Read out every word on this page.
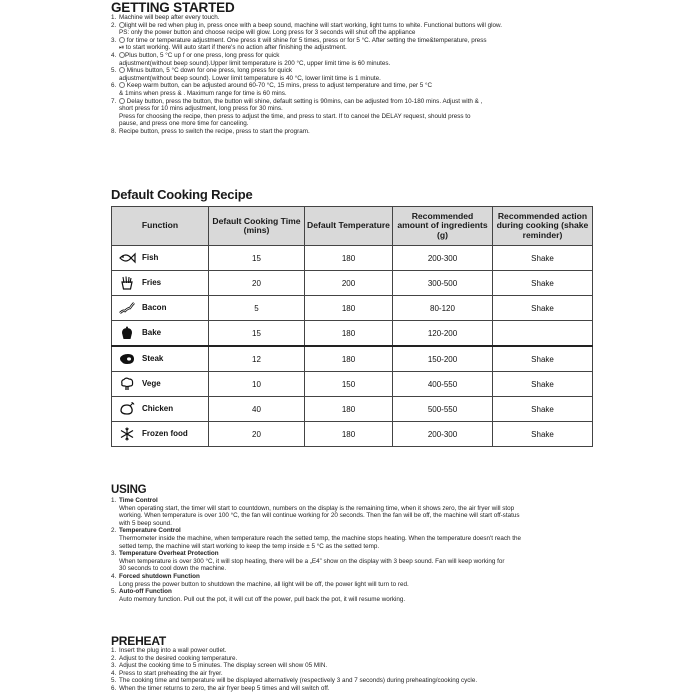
GETTING STARTED
1. Machine will beep after every touch.
2. light will be red when plug in, press once with a beep sound, machine will start working, light turns to white. Functional buttons will glow.
PS: only the power button and choose recipe will glow. Long press for 3 seconds will shut off the appliance
3. for time or temperature adjustment. One press it will shine for 5 times, press or for 5 °C. After setting the time&temperature, press
⏯ to start working. Will auto start if there's no action after finishing the adjustment.
4. Plus button, 5 °C up f or one press, long press for quick
adjustment(without beep sound).Upper limit temperature is 200 °C, upper limit time is 60 minutes.
5. Minus button, 5 °C down for one press, long press for quick
adjustment(without beep sound). Lower limit temperature is 40 °C, lower limit time is 1 minute.
6. Keep warm button, can be adjusted around 60-70 °C, 15 mins, press to adjust temperature and time, per 5 °C
& 1mins when press & . Maximum range for time is 60 mins.
7. Delay button, press the button, the button will shine, default setting is 90mins, can be adjusted from 10-180 mins. Adjust with & ,
short press for 10 mins adjustment, long press for 30 mins.
Press for choosing the recipe, then press to adjust the time, and press to start. If to cancel the DELAY request, should press to
pause, and press one more time for canceling.
8. Recipe button, press to switch the recipe, press to start the program.
Default Cooking Recipe
Function	Default Cooking Time (mins)	Default Temperature	Recommended amount of ingredients (g)	Recommended action during cooking (shake reminder)

Fish	15	180	200-300	Shake

Fries	20	200	300-500	Shake

Bacon	5	180	80-120	Shake

Bake	15	180	120-200	

Steak	12	180	150-200	Shake

Vege	10	150	400-550	Shake

Chicken	40	180	500-550	Shake

Frozen food	20	180	200-300	Shake
USING
1. Time Control
When operating start, the timer will start to countdown, numbers on the display is the remaining time, when it shows zero, the air fryer will stop
working. When temperature is over 100 °C, the fan will continue working for 20 seconds. Then the fan will be off, the machine will start off-status
with 5 beep sound.
2. Temperature Control
Thermometer inside the machine, when temperature reach the setted temp, the machine stops heating. When the temperature doesn't reach the
setted temp, the machine will start working to keep the temp inside ± 5 °C as the setted temp.
3. Temperature Overheat Protection
When temperature is over 300 °C, it will stop heating, there will be a „E4” show on the display with 3 beep sound. Fan will keep working for
30 seconds to cool down the machine.
4. Forced shutdown Function
Long press the power button to shutdown the machine, all light will be off, the power light will turn to red.
5. Auto-off Function
Auto memory function. Pull out the pot, it will cut off the power, pull back the pot, it will resume working.
PREHEAT
1. Insert the plug into a wall power outlet.
2. Adjust to the desired cooking temperature.
3. Adjust the cooking time to 5 minutes. The display screen will show 05 MIN.
4. Press to start preheating the air fryer.
5. The cooking time and temperature will be displayed alternatively (respectively 3 and 7 seconds) during preheating/cooking cycle.
6. When the timer returns to zero, the air fryer beep 5 times and will switch off.
